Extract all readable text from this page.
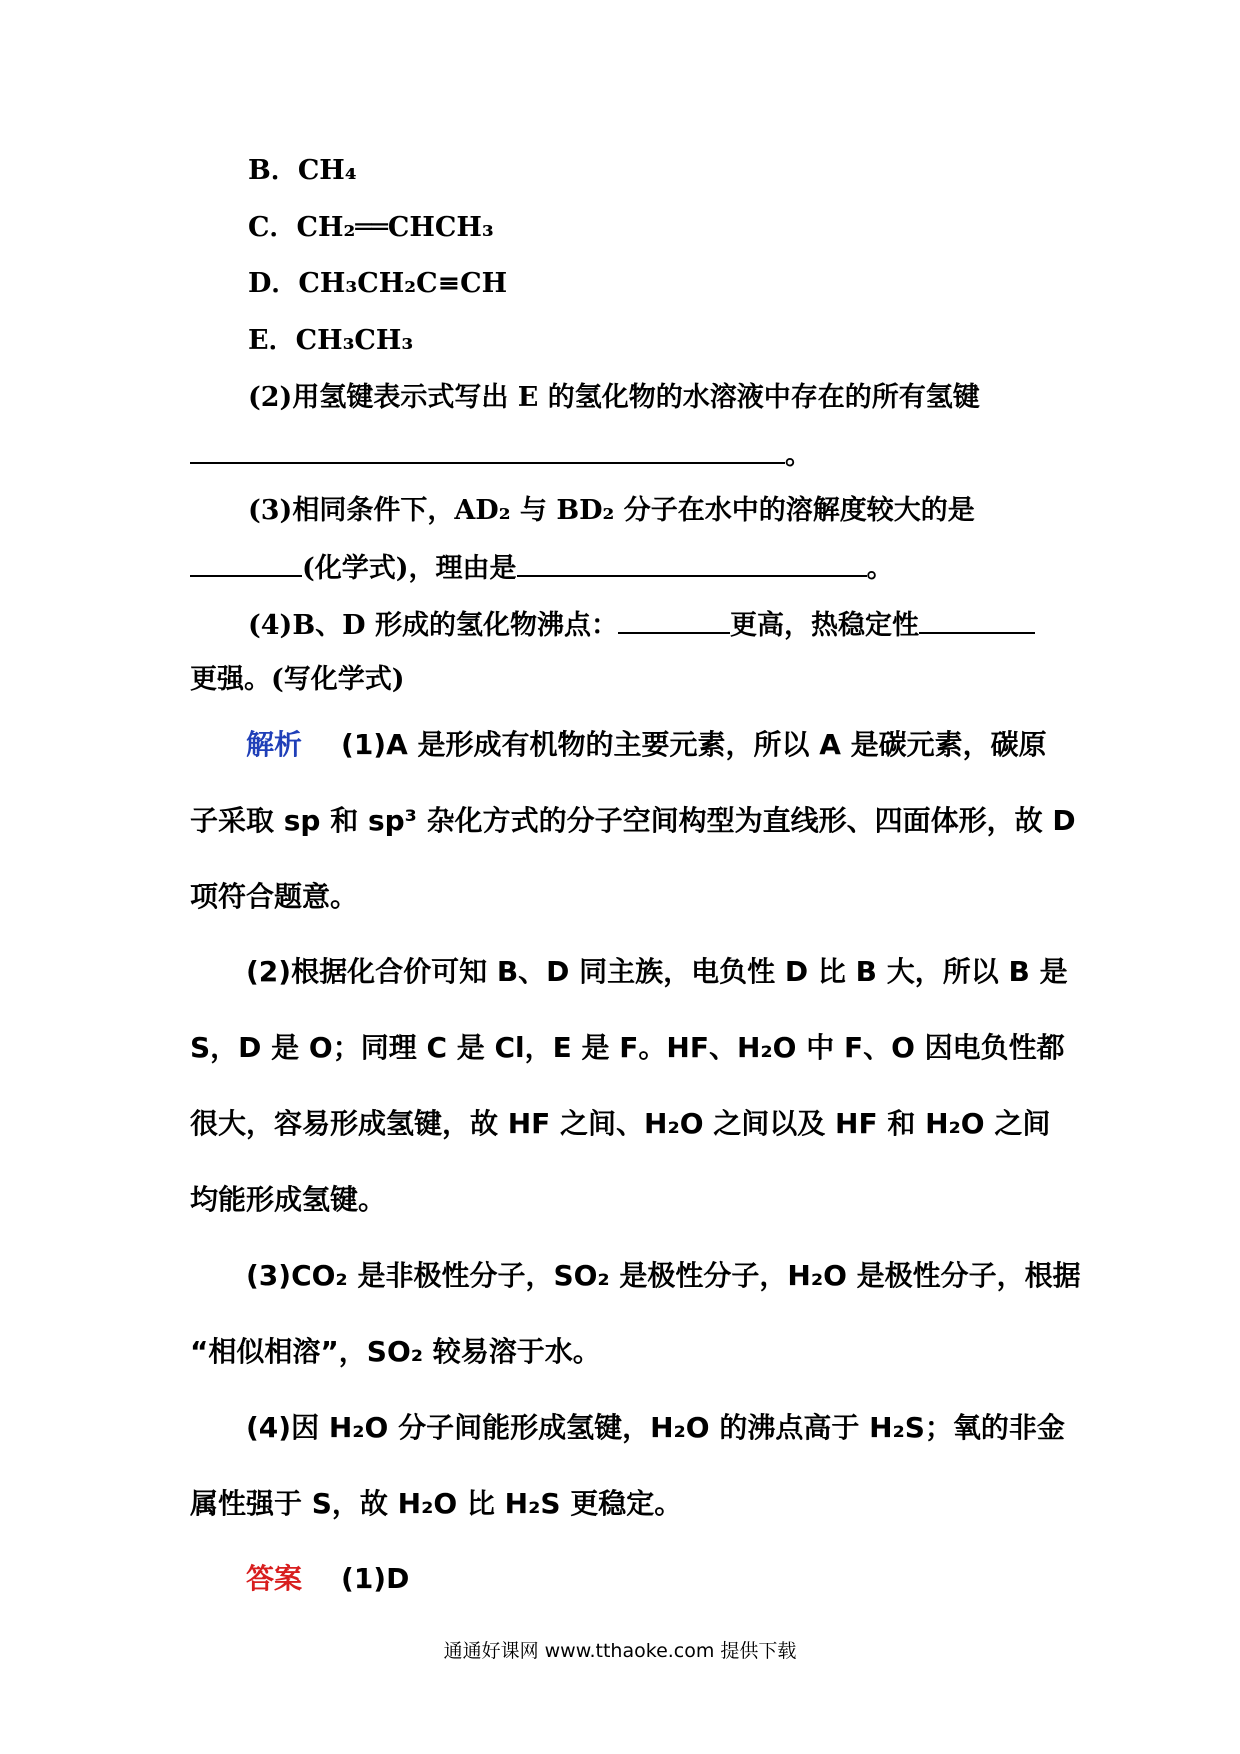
B．CH₄
C．CH₂══CHCH₃
D．CH₃CH₂C≡CH
E．CH₃CH₃
(2)用氢键表示式写出 E 的氢化物的水溶液中存在的所有氢键
。
(3)相同条件下，AD₂ 与 BD₂ 分子在水中的溶解度较大的是
(化学式)，理由是	。
(4)B、D 形成的氢化物沸点：	更高，热稳定性
更强。(写化学式)
解析 (1)A 是形成有机物的主要元素，所以 A 是碳元素，碳原
子采取 sp 和 sp³ 杂化方式的分子空间构型为直线形、四面体形，故 D
项符合题意。
(2)根据化合价可知 B、D 同主族，电负性 D 比 B 大，所以 B 是
S，D 是 O；同理 C 是 Cl，E 是 F。HF、H₂O 中 F、O 因电负性都
很大，容易形成氢键，故 HF 之间、H₂O 之间以及 HF 和 H₂O 之间
均能形成氢键。
(3)CO₂ 是非极性分子，SO₂ 是极性分子，H₂O 是极性分子，根据
“相似相溶”，SO₂ 较易溶于水。
(4)因 H₂O 分子间能形成氢键，H₂O 的沸点高于 H₂S；氧的非金
属性强于 S，故 H₂O 比 H₂S 更稳定。
答案 (1)D
通通好课网 www.tthaoke.com 提供下载
